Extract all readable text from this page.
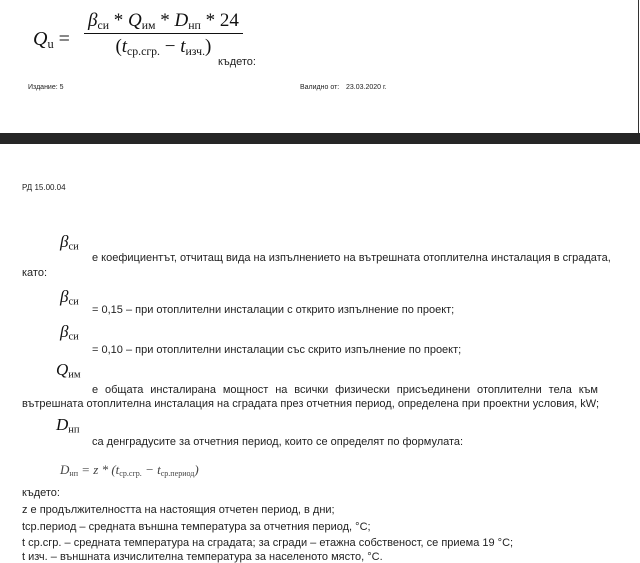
$Q_u$ =
$\beta_{си} * Q_{им} * D_{нп} * 24$
$(t_{ср.сгр.} - t_{изч.})$
където:
Издание: 5	Валидно от: 23.03.2020 г.
РД 15.00.04
$\beta_{си}$
е коефициентът, отчитащ вида на изпълнението на вътрешната отоплителна инсталация в сградата,
като:
$\beta_{си}$
= 0,15 – при отоплителни инсталации с открито изпълнение по проект;
$\beta_{си}$
= 0,10 – при отоплителни инсталации със скрито изпълнение по проект;
$Q_{им}$
е общата инсталирана мощност на всички физически присъединени отоплителни тела към
вътрешната отоплителна инсталация на сградата през отчетния период, определена при проектни условия, kW;
$D_{нп}$
са денградусите за отчетния период, които се определят по формулата:
$D_{нп} = z * (t_{ср.сгр.} - t_{ср.период})$
където:
z е продължителността на настоящия отчетен период, в дни;
tср.период – средната външна температура за отчетния период, °С;
t ср.сгр. – средната температура на сградата; за сгради – етажна собственост, се приема 19 °С;
t изч. – външната изчислителна температура за населеното място, °С.
